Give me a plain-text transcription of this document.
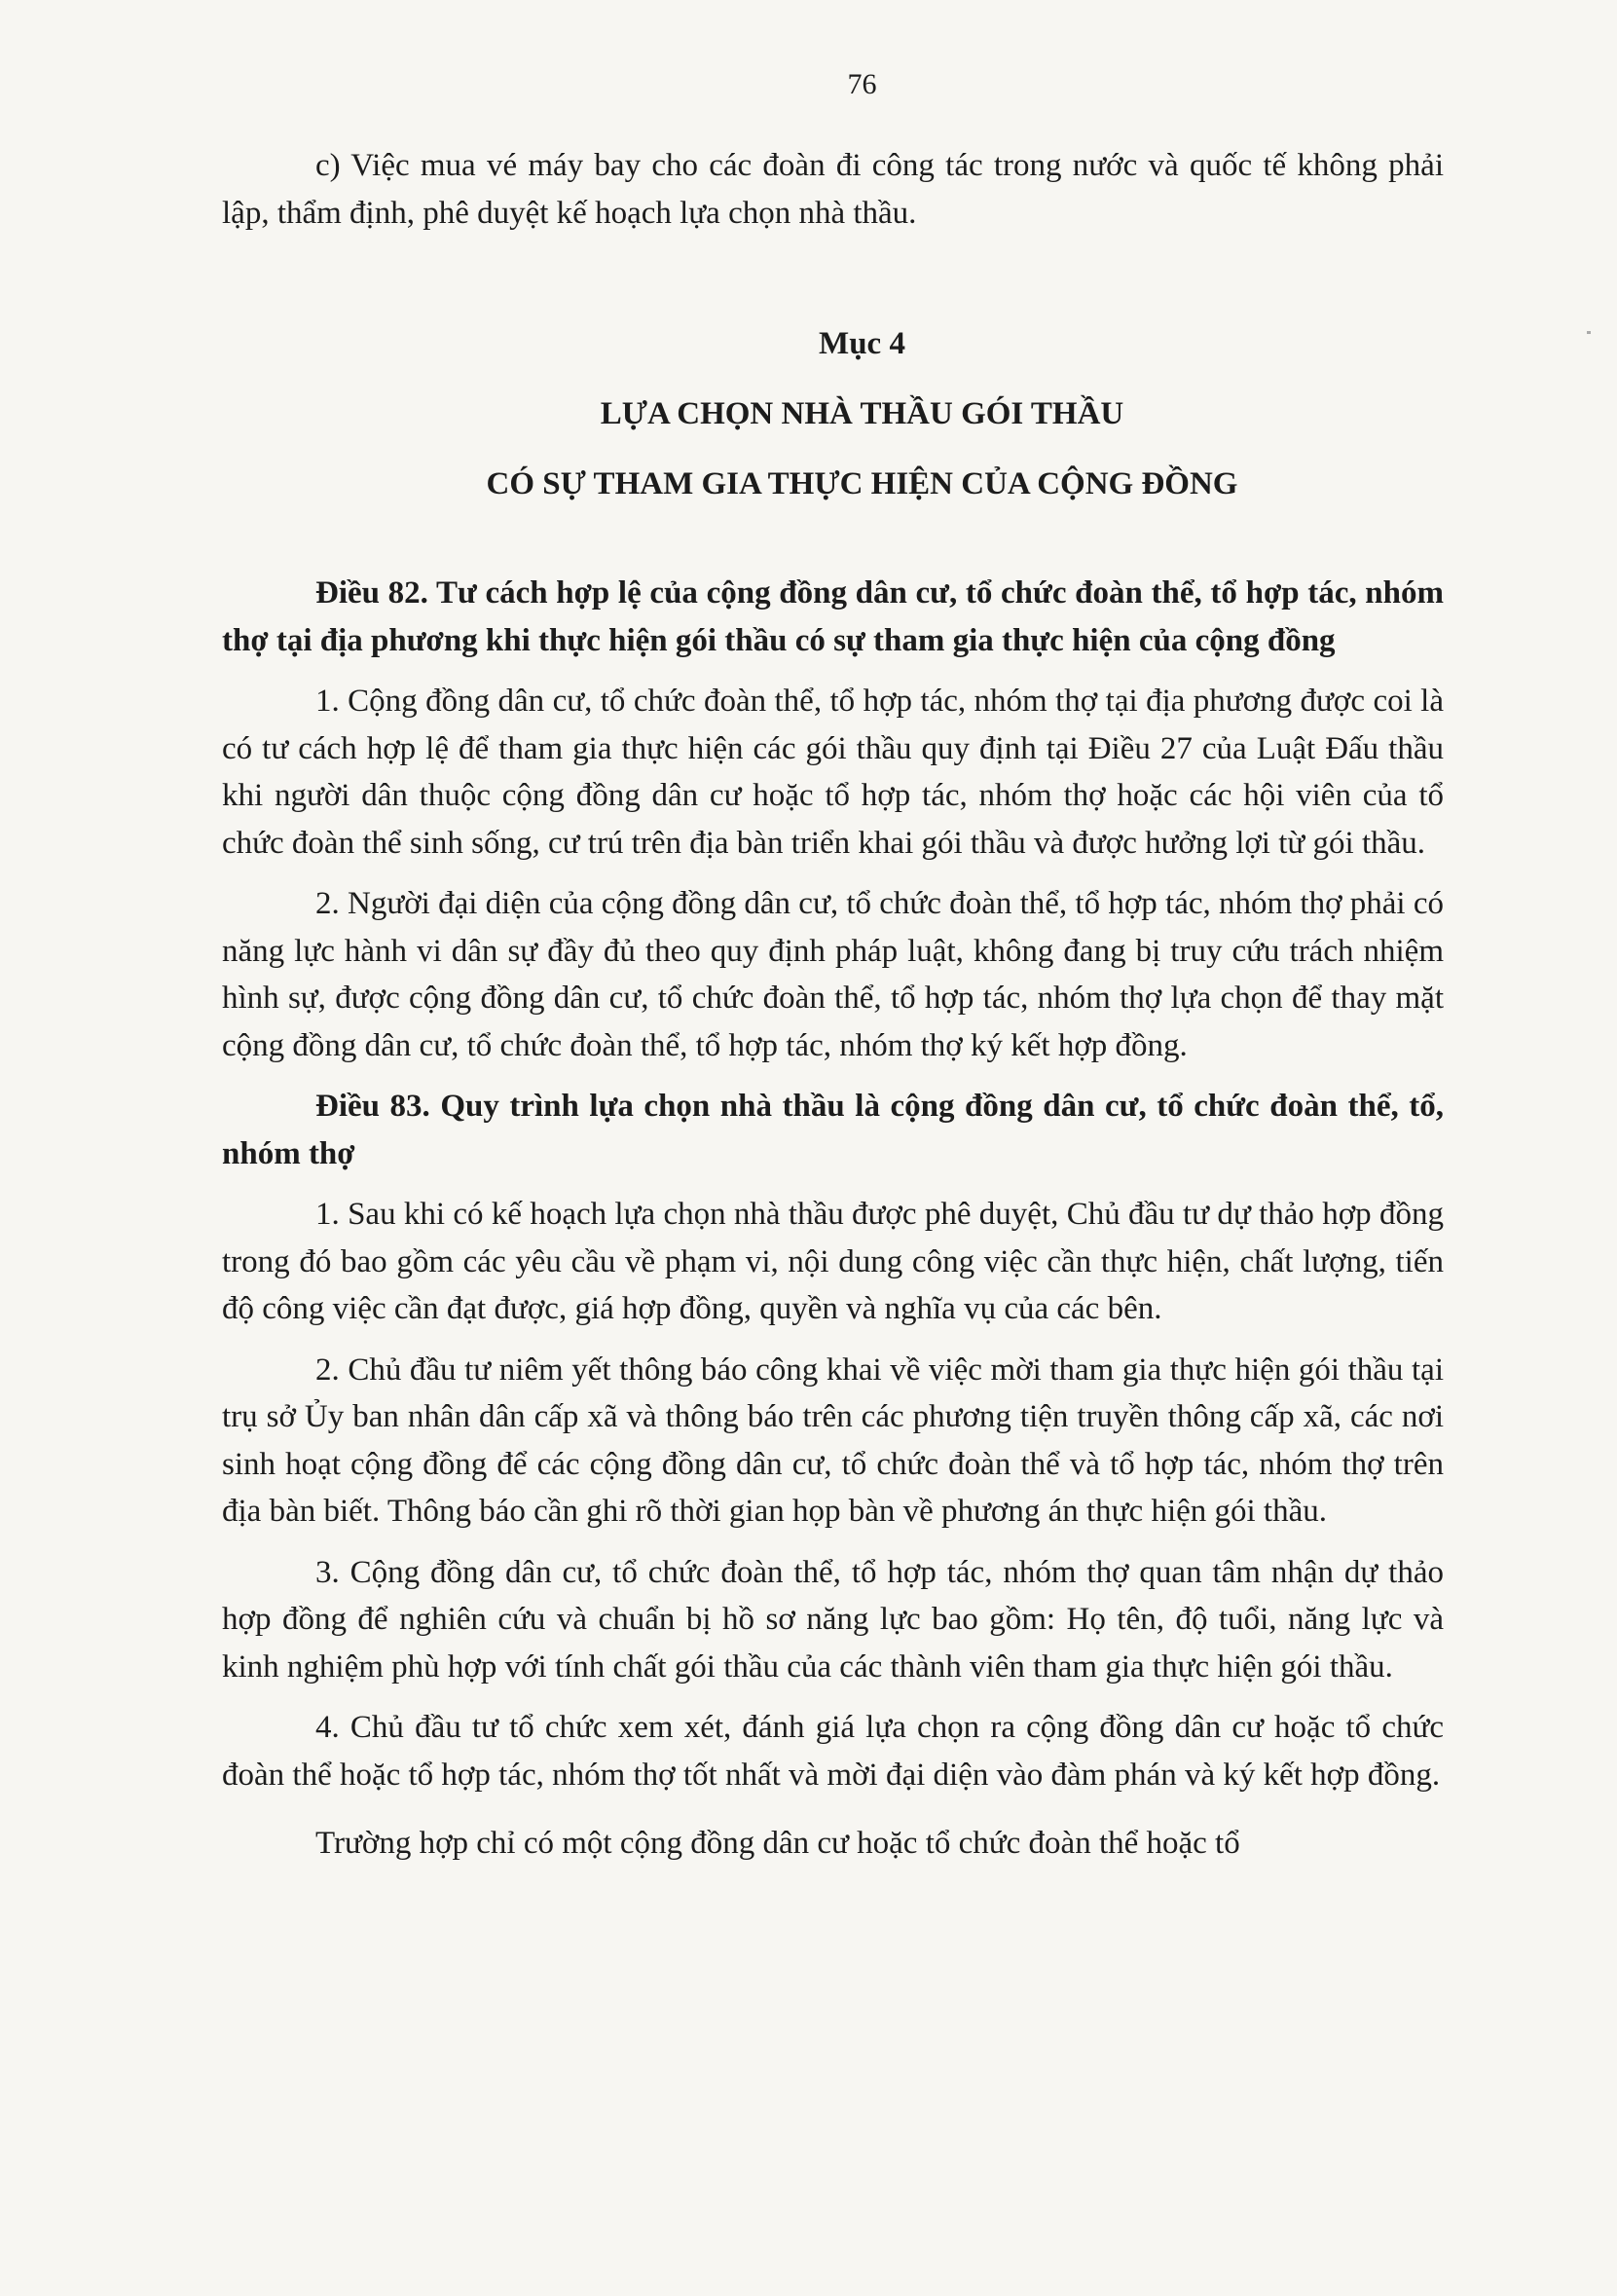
76

c) Việc mua vé máy bay cho các đoàn đi công tác trong nước và quốc tế không phải lập, thẩm định, phê duyệt kế hoạch lựa chọn nhà thầu.

Mục 4
LỰA CHỌN NHÀ THẦU GÓI THẦU
CÓ SỰ THAM GIA THỰC HIỆN CỦA CỘNG ĐỒNG

Điều 82. Tư cách hợp lệ của cộng đồng dân cư, tổ chức đoàn thể, tổ hợp tác, nhóm thợ tại địa phương khi thực hiện gói thầu có sự tham gia thực hiện của cộng đồng

1. Cộng đồng dân cư, tổ chức đoàn thể, tổ hợp tác, nhóm thợ tại địa phương được coi là có tư cách hợp lệ để tham gia thực hiện các gói thầu quy định tại Điều 27 của Luật Đấu thầu khi người dân thuộc cộng đồng dân cư hoặc tổ hợp tác, nhóm thợ hoặc các hội viên của tổ chức đoàn thể sinh sống, cư trú trên địa bàn triển khai gói thầu và được hưởng lợi từ gói thầu.

2. Người đại diện của cộng đồng dân cư, tổ chức đoàn thể, tổ hợp tác, nhóm thợ phải có năng lực hành vi dân sự đầy đủ theo quy định pháp luật, không đang bị truy cứu trách nhiệm hình sự, được cộng đồng dân cư, tổ chức đoàn thể, tổ hợp tác, nhóm thợ lựa chọn để thay mặt cộng đồng dân cư, tổ chức đoàn thể, tổ hợp tác, nhóm thợ ký kết hợp đồng.

Điều 83. Quy trình lựa chọn nhà thầu là cộng đồng dân cư, tổ chức đoàn thể, tổ, nhóm thợ

1. Sau khi có kế hoạch lựa chọn nhà thầu được phê duyệt, Chủ đầu tư dự thảo hợp đồng trong đó bao gồm các yêu cầu về phạm vi, nội dung công việc cần thực hiện, chất lượng, tiến độ công việc cần đạt được, giá hợp đồng, quyền và nghĩa vụ của các bên.

2. Chủ đầu tư niêm yết thông báo công khai về việc mời tham gia thực hiện gói thầu tại trụ sở Ủy ban nhân dân cấp xã và thông báo trên các phương tiện truyền thông cấp xã, các nơi sinh hoạt cộng đồng để các cộng đồng dân cư, tổ chức đoàn thể và tổ hợp tác, nhóm thợ trên địa bàn biết. Thông báo cần ghi rõ thời gian họp bàn về phương án thực hiện gói thầu.

3. Cộng đồng dân cư, tổ chức đoàn thể, tổ hợp tác, nhóm thợ quan tâm nhận dự thảo hợp đồng để nghiên cứu và chuẩn bị hồ sơ năng lực bao gồm: Họ tên, độ tuổi, năng lực và kinh nghiệm phù hợp với tính chất gói thầu của các thành viên tham gia thực hiện gói thầu.

4. Chủ đầu tư tổ chức xem xét, đánh giá lựa chọn ra cộng đồng dân cư hoặc tổ chức đoàn thể hoặc tổ hợp tác, nhóm thợ tốt nhất và mời đại diện vào đàm phán và ký kết hợp đồng.

Trường hợp chỉ có một cộng đồng dân cư hoặc tổ chức đoàn thể hoặc tổ
